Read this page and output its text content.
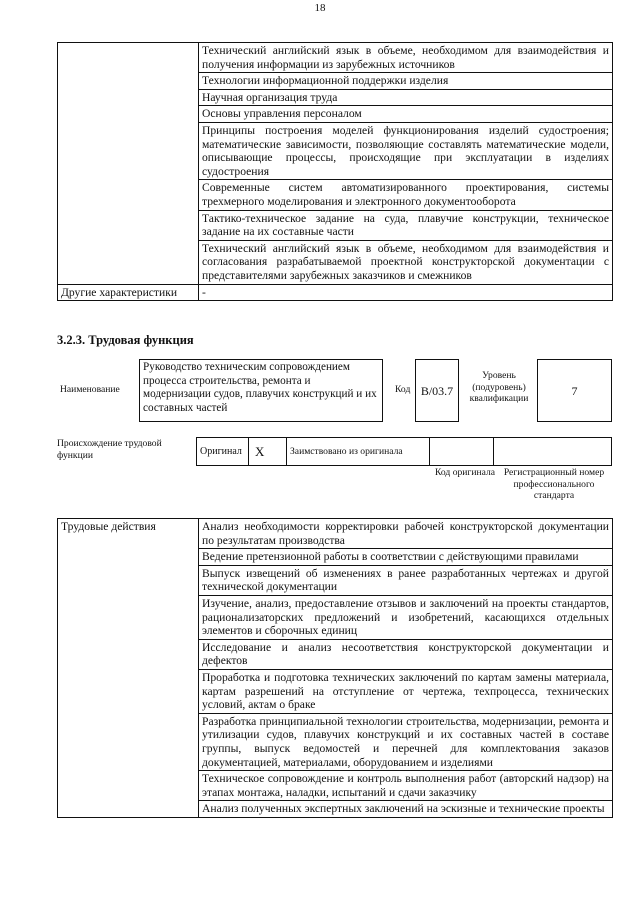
18
	Технический английский язык в объеме, необходимом для взаимодействия и получения информации из зарубежных источников
	Технологии информационной поддержки изделия
	Научная организация труда
	Основы управления персоналом
	Принципы построения моделей функционирования изделий судостроения; математические зависимости, позволяющие составлять математические модели, описывающие процессы, происходящие при эксплуатации в изделиях судостроения
	Современные систем автоматизированного проектирования, системы трехмерного моделирования и электронного документооборота
	Тактико-техническое задание на суда, плавучие конструкции, техническое задание на их составные части
	Технический английский язык в объеме, необходимом для взаимодействия и согласования разрабатываемой проектной конструкторской документации с представителями зарубежных заказчиков и смежников
Другие характеристики	-
3.2.3. Трудовая функция
Наименование
Руководство техническим сопровождением процесса строительства, ремонта и модернизации судов, плавучих конструкций и их составных частей
Код B/03.7
Уровень (подуровень) квалификации
7
Происхождение трудовой функции	Оригинал	X	Заимствовано из оригинала
Код оригинала Регистрационный номер профессионального стандарта
Трудовые действия	Анализ необходимости корректировки рабочей конструкторской документации по результатам производства
Ведение претензионной работы в соответствии с действующими правилами
Выпуск извещений об изменениях в ранее разработанных чертежах и другой технической документации
Изучение, анализ, предоставление отзывов и заключений на проекты стандартов, рационализаторских предложений и изобретений, касающихся отдельных элементов и сборочных единиц
Исследование и анализ несоответствия конструкторской документации и дефектов
Проработка и подготовка технических заключений по картам замены материала, картам разрешений на отступление от чертежа, техпроцесса, технических условий, актам о браке
Разработка принципиальной технологии строительства, модернизации, ремонта и утилизации судов, плавучих конструкций и их составных частей в составе группы, выпуск ведомостей и перечней для комплектования заказов документацией, материалами, оборудованием и изделиями
Техническое сопровождение и контроль выполнения работ (авторский надзор) на этапах монтажа, наладки, испытаний и сдачи заказчику
Анализ полученных экспертных заключений на эскизные и технические проекты
